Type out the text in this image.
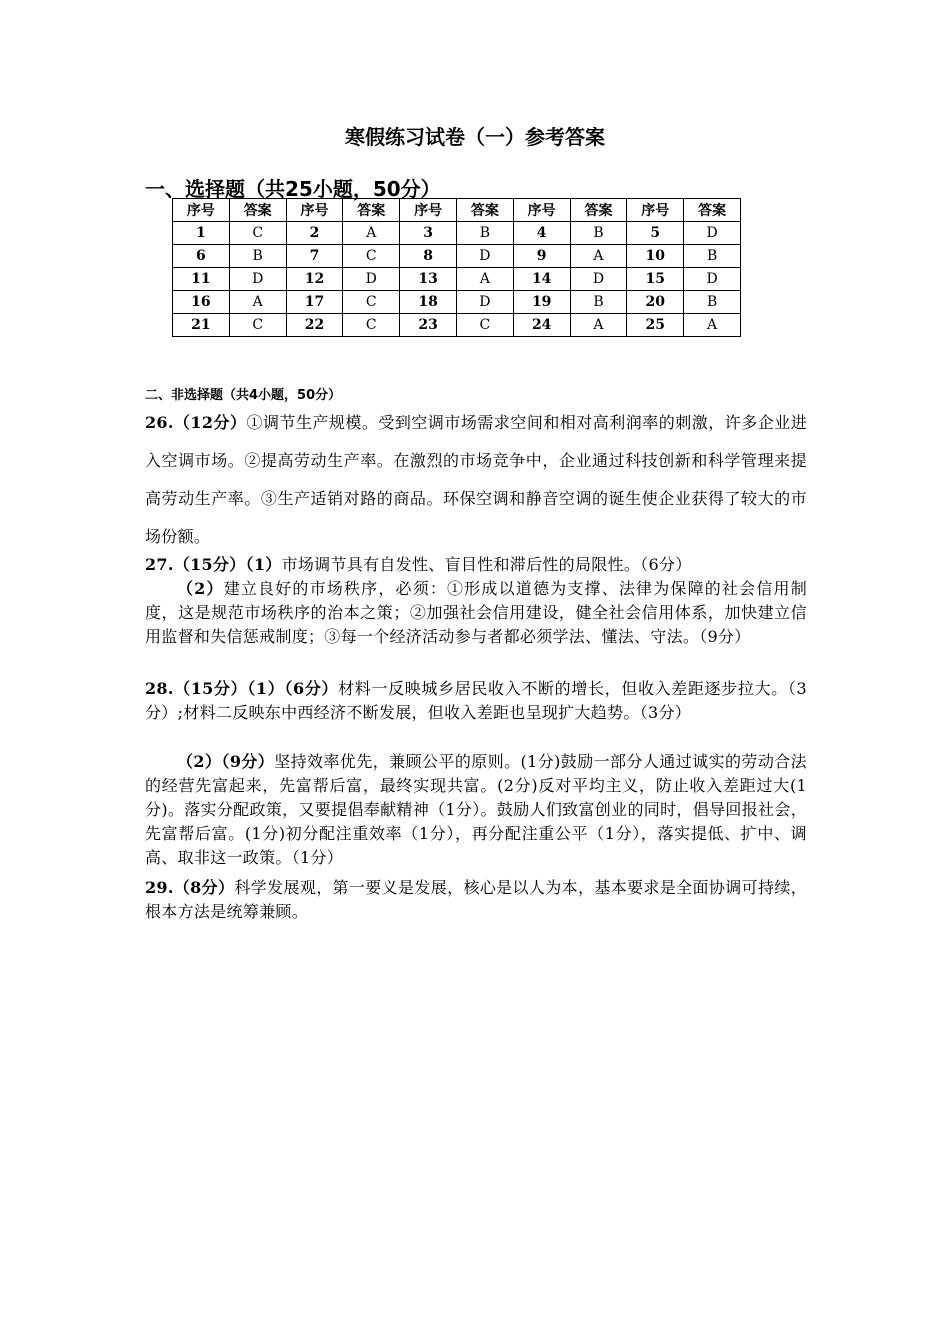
寒假练习试卷（一）参考答案
一、选择题（共25小题，50分）
序号	答案	序号	答案	序号	答案	序号	答案	序号	答案
1	C	2	A	3	B	4	B	5	D
6	B	7	C	8	D	9	A	10	B
11	D	12	D	13	A	14	D	15	D
16	A	17	C	18	D	19	B	20	B
21	C	22	C	23	C	24	A	25	A
二、非选择题（共4小题，50分）
26.（12分）①调节生产规模。受到空调市场需求空间和相对高利润率的刺激，许多企业进入空调市场。②提高劳动生产率。在激烈的市场竞争中，企业通过科技创新和科学管理来提高劳动生产率。③生产适销对路的商品。环保空调和静音空调的诞生使企业获得了较大的市场份额。
27.（15分）（1）市场调节具有自发性、盲目性和滞后性的局限性。（6分）
（2）建立良好的市场秩序，必须：①形成以道德为支撑、法律为保障的社会信用制度，这是规范市场秩序的治本之策；②加强社会信用建设，健全社会信用体系，加快建立信用监督和失信惩戒制度；③每一个经济活动参与者都必须学法、懂法、守法。（9分）
28.（15分）（1）（6分）材料一反映城乡居民收入不断的增长，但收入差距逐步拉大。（3分）;材料二反映东中西经济不断发展，但收入差距也呈现扩大趋势。（3分）
（2）（9分）坚持效率优先，兼顾公平的原则。(1分)鼓励一部分人通过诚实的劳动合法的经营先富起来，先富帮后富，最终实现共富。(2分)反对平均主义，防止收入差距过大(1分)。落实分配政策，又要提倡奉献精神（1分）。鼓励人们致富创业的同时，倡导回报社会，先富帮后富。(1分)初分配注重效率（1分），再分配注重公平（1分），落实提低、扩中、调高、取非这一政策。（1分）
29.（8分）科学发展观，第一要义是发展，核心是以人为本，基本要求是全面协调可持续，根本方法是统筹兼顾。
